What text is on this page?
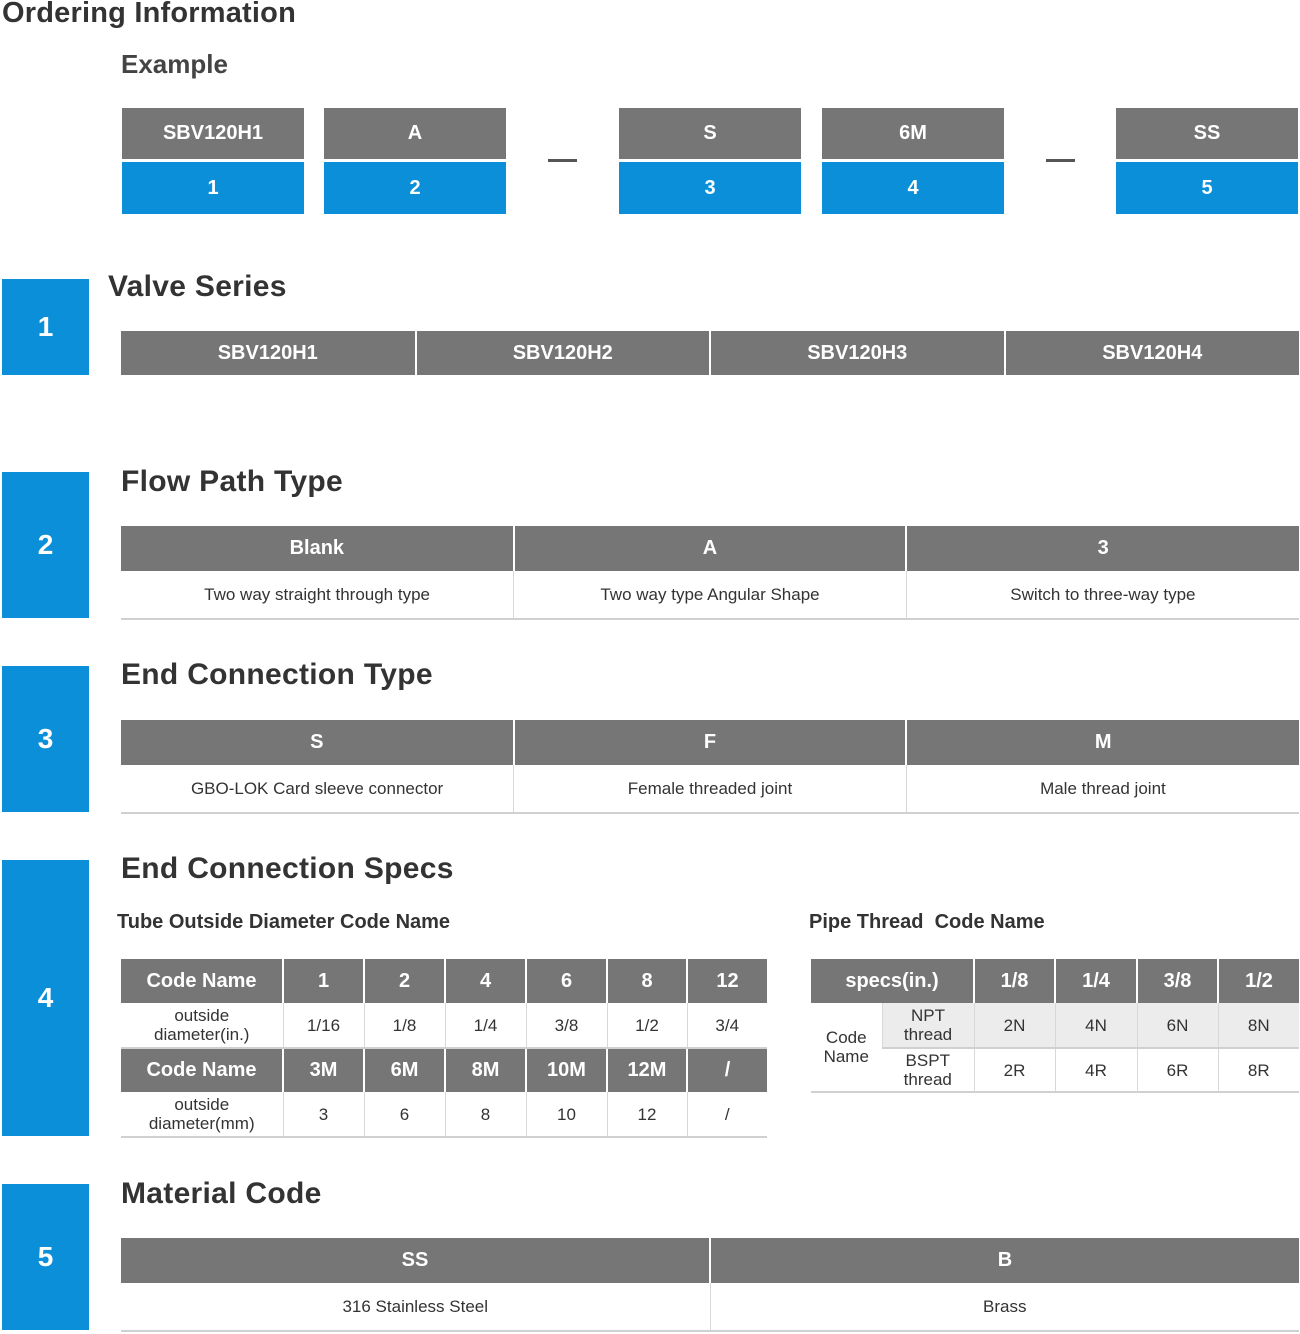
Ordering Information
Example
SBV120H1
1
A
2
S
3
6M
4
SS
5
1
Valve Series
SBV120H1	SBV120H2	SBV120H3	SBV120H4
2
Flow Path Type
Blank	A	3
Two way straight through type	Two way type Angular Shape	Switch to three-way type
3
End Connection Type
S	F	M
GBO-LOK Card sleeve connector	Female threaded joint	Male thread joint
4
End Connection Specs
Tube Outside Diameter Code Name	Pipe Thread  Code Name
Code Name	1	2	4	6	8	12
outside diameter(in.)	1/16	1/8	1/4	3/8	1/2	3/4
Code Name	3M	6M	8M	10M	12M	/
outside diameter(mm)	3	6	8	10	12	/
specs(in.)		1/8	1/4	3/8	1/2
Code Name	NPT thread	2N	4N	6N	8N
	BSPT thread	2R	4R	6R	8R
5
Material Code
SS	B
316 Stainless Steel	Brass
